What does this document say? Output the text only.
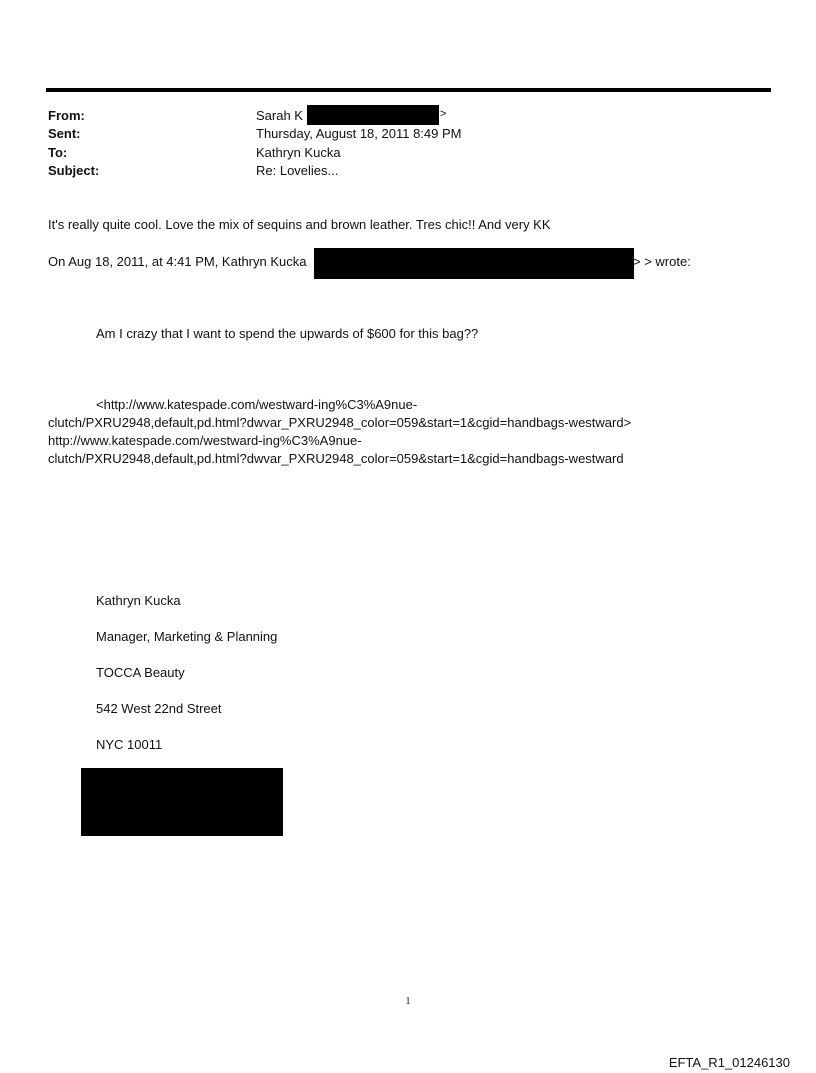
From:	Sarah K	>
Sent:	Thursday, August 18, 2011 8:49 PM
To:	Kathryn Kucka
Subject:	Re: Lovelies...
It's really quite cool. Love the mix of sequins and brown leather. Tres chic!! And very KK
On Aug 18, 2011, at 4:41 PM, Kathryn Kucka	> > wrote:
Am I crazy that I want to spend the upwards of $600 for this bag??
<http://www.katespade.com/westward-ing%C3%A9nue-
clutch/PXRU2948,default,pd.html?dwvar_PXRU2948_color=059&start=1&cgid=handbags-westward>
http://www.katespade.com/westward-ing%C3%A9nue-
clutch/PXRU2948,default,pd.html?dwvar_PXRU2948_color=059&start=1&cgid=handbags-westward
Kathryn Kucka
Manager, Marketing & Planning
TOCCA Beauty
542 West 22nd Street
NYC 10011
1
EFTA_R1_01246130
